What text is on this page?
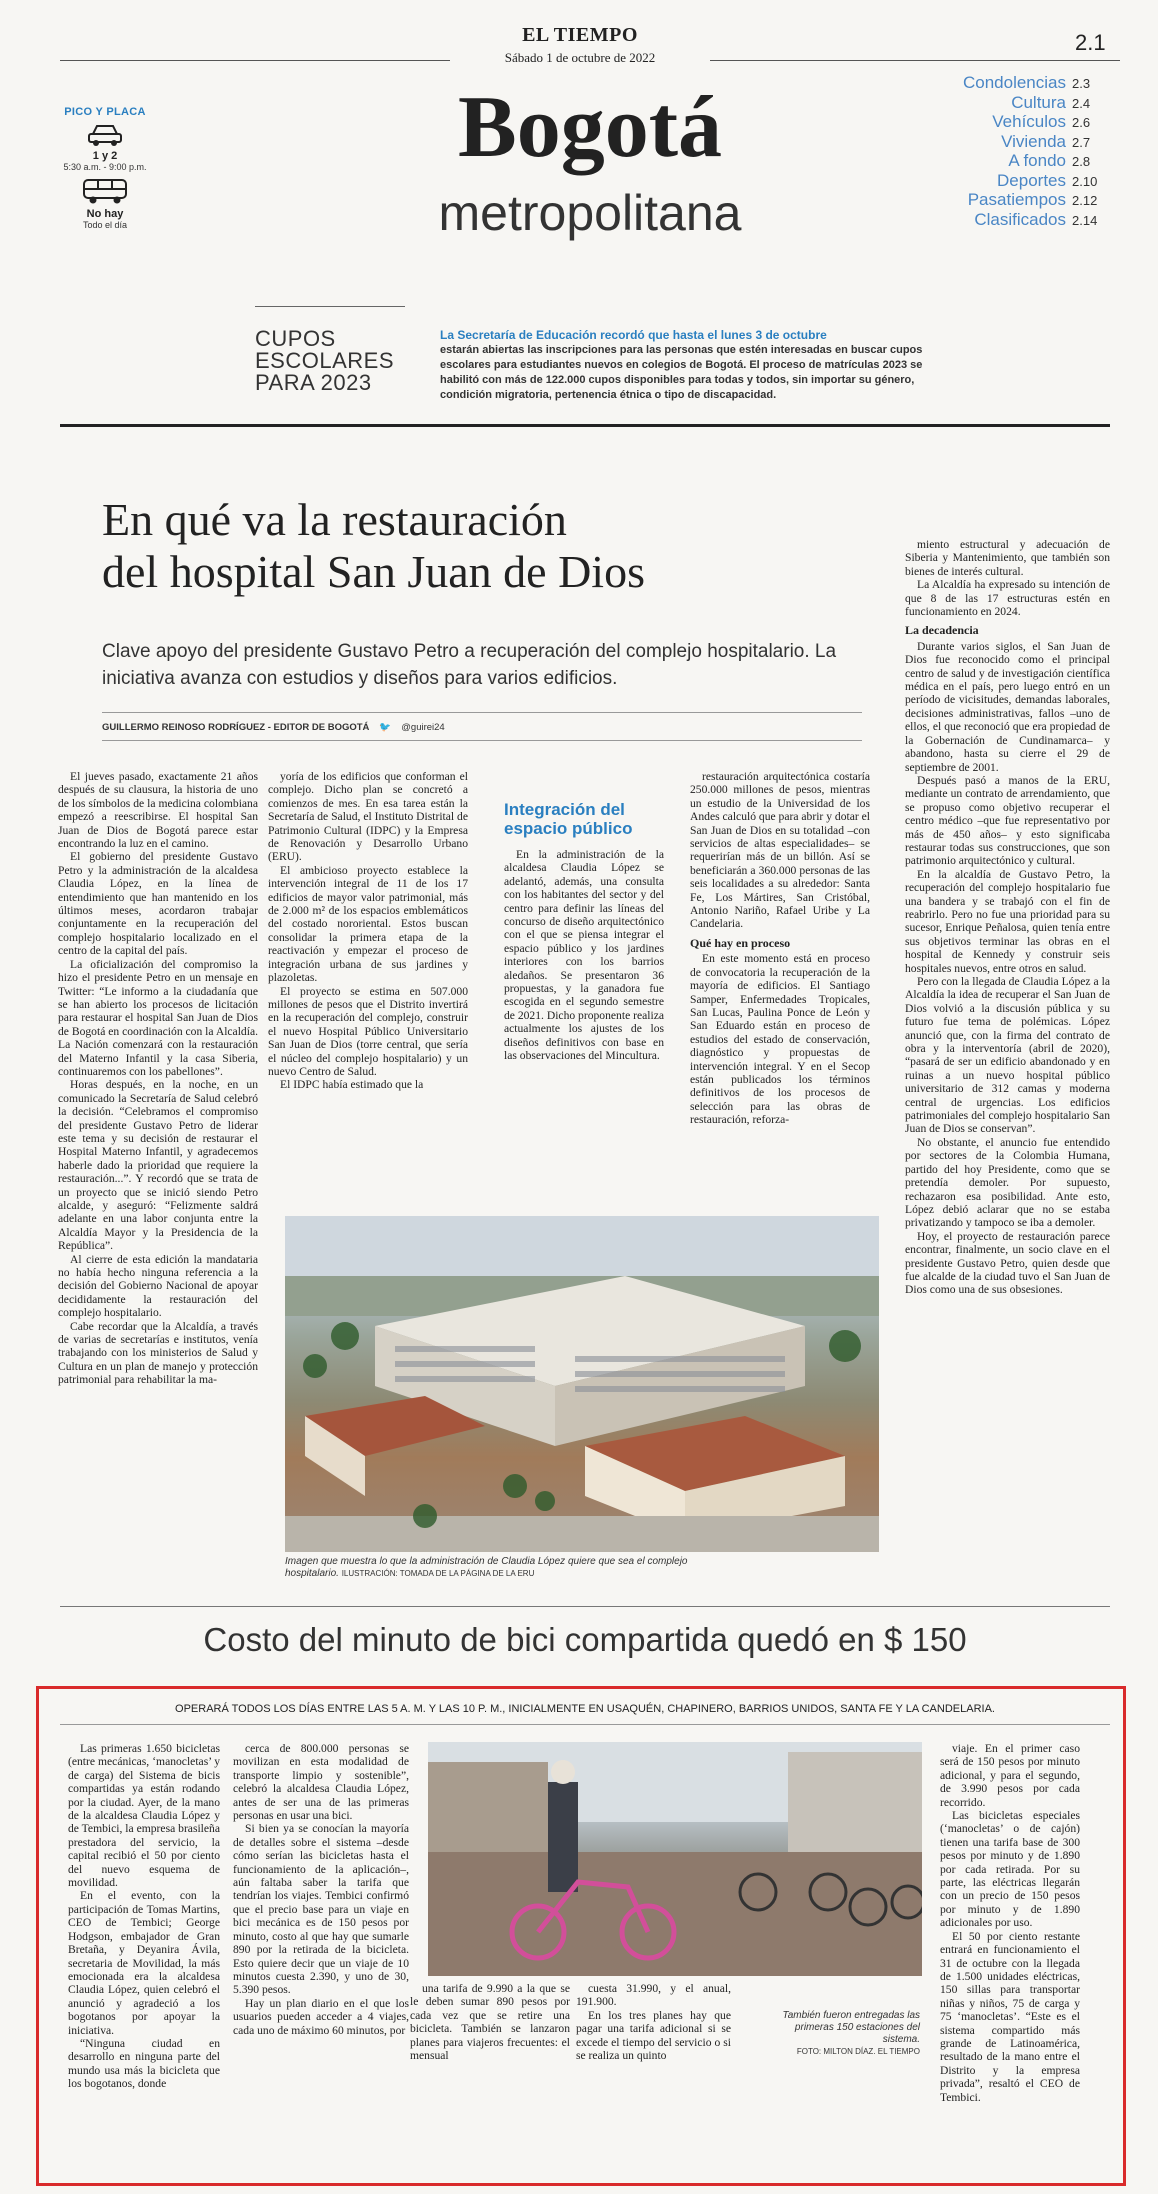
EL TIEMPO
Sábado 1 de octubre de 2022
2.1
Bogotá
metropolitana
PICO Y PLACA
1 y 2
5:30 a.m. - 9:00 p.m.
No hay
Todo el día
Condolencias 2.3
Cultura 2.4
Vehículos 2.6
Vivienda 2.7
A fondo 2.8
Deportes 2.10
Pasatiempos 2.12
Clasificados 2.14
CUPOS
ESCOLARES
PARA 2023
La Secretaría de Educación recordó que hasta el lunes 3 de octubre
estarán abiertas las inscripciones para las personas que estén interesadas en buscar cupos escolares para estudiantes nuevos en colegios de Bogotá. El proceso de matrículas 2023 se habilitó con más de 122.000 cupos disponibles para todas y todos, sin importar su género, condición migratoria, pertenencia étnica o tipo de discapacidad.
En qué va la restauración
del hospital San Juan de Dios
Clave apoyo del presidente Gustavo Petro a recuperación del complejo hospitalario. La iniciativa avanza con estudios y diseños para varios edificios.
GUILLERMO REINOSO RODRÍGUEZ - EDITOR DE BOGOTÁ 🐦 @guirei24

El jueves pasado, exactamente 21 años después de su clausura, la historia de uno de los símbolos de la medicina colombiana empezó a reescribirse. El hospital San Juan de Dios de Bogotá parece estar encontrando la luz en el camino.

El gobierno del presidente Gustavo Petro y la administración de la alcaldesa Claudia López, en la línea de entendimiento que han mantenido en los últimos meses, acordaron trabajar conjuntamente en la recuperación del complejo hospitalario localizado en el centro de la capital del país.

La oficialización del compromiso la hizo el presidente Petro en un mensaje en Twitter: “Le informo a la ciudadanía que se han abierto los procesos de licitación para restaurar el hospital San Juan de Dios de Bogotá en coordinación con la Alcaldía. La Nación comenzará con la restauración del Materno Infantil y la casa Siberia, continuaremos con los pabellones”.

Horas después, en la noche, en un comunicado la Secretaría de Salud celebró la decisión. “Celebramos el compromiso del presidente Gustavo Petro de liderar este tema y su decisión de restaurar el Hospital Materno Infantil, y agradecemos haberle dado la prioridad que requiere la restauración...”. Y recordó que se trata de un proyecto que se inició siendo Petro alcalde, y aseguró: “Felizmente saldrá adelante en una labor conjunta entre la Alcaldía Mayor y la Presidencia de la República”.

Al cierre de esta edición la mandataria no había hecho ninguna referencia a la decisión del Gobierno Nacional de apoyar decididamente la restauración del complejo hospitalario.

Cabe recordar que la Alcaldía, a través de varias de secretarías e institutos, venía trabajando con los ministerios de Salud y Cultura en un plan de manejo y protección patrimonial para rehabilitar la ma-

yoría de los edificios que conforman el complejo. Dicho plan se concretó a comienzos de mes. En esa tarea están la Secretaría de Salud, el Instituto Distrital de Patrimonio Cultural (IDPC) y la Empresa de Renovación y Desarrollo Urbano (ERU).

El ambicioso proyecto establece la intervención integral de 11 de los 17 edificios de mayor valor patrimonial, más de 2.000 m² de los espacios emblemáticos del costado nororiental. Estos buscan consolidar la primera etapa de la reactivación y empezar el proceso de integración urbana de sus jardines y plazoletas.

El proyecto se estima en 507.000 millones de pesos que el Distrito invertirá en la recuperación del complejo, construir el nuevo Hospital Público Universitario San Juan de Dios (torre central, que sería el núcleo del complejo hospitalario) y un nuevo Centro de Salud.

El IDPC había estimado que la

Integración del
espacio público

En la administración de la alcaldesa Claudia López se adelantó, además, una consulta con los habitantes del sector y del centro para definir las líneas del concurso de diseño arquitectónico con el que se piensa integrar el espacio público y los jardines interiores con los barrios aledaños. Se presentaron 36 propuestas, y la ganadora fue escogida en el segundo semestre de 2021. Dicho proponente realiza actualmente los ajustes de los diseños definitivos con base en las observaciones del Mincultura.

restauración arquitectónica costaría 250.000 millones de pesos, mientras un estudio de la Universidad de los Andes calculó que para abrir y dotar el San Juan de Dios en su totalidad –con servicios de altas especialidades– se requerirían más de un billón. Así se beneficiarán a 360.000 personas de las seis localidades a su alrededor: Santa Fe, Los Mártires, San Cristóbal, Antonio Nariño, Rafael Uribe y La Candelaria.

Qué hay en proceso

En este momento está en proceso de convocatoria la recuperación de la mayoría de edificios. El Santiago Samper, Enfermedades Tropicales, San Lucas, Paulina Ponce de León y San Eduardo están en proceso de estudios del estado de conservación, diagnóstico y propuestas de intervención integral. Y en el Secop están publicados los términos definitivos de los procesos de selección para las obras de restauración, reforza-

miento estructural y adecuación de Siberia y Mantenimiento, que también son bienes de interés cultural.

La Alcaldía ha expresado su intención de que 8 de las 17 estructuras estén en funcionamiento en 2024.

La decadencia

Durante varios siglos, el San Juan de Dios fue reconocido como el principal centro de salud y de investigación científica médica en el país, pero luego entró en un período de vicisitudes, demandas laborales, decisiones administrativas, fallos –uno de ellos, el que reconoció que era propiedad de la Gobernación de Cundinamarca– y abandono, hasta su cierre el 29 de septiembre de 2001.

Después pasó a manos de la ERU, mediante un contrato de arrendamiento, que se propuso como objetivo recuperar el centro médico –que fue representativo por más de 450 años– y esto significaba restaurar todas sus construcciones, que son patrimonio arquitectónico y cultural.

En la alcaldía de Gustavo Petro, la recuperación del complejo hospitalario fue una bandera y se trabajó con el fin de reabrirlo. Pero no fue una prioridad para su sucesor, Enrique Peñalosa, quien tenía entre sus objetivos terminar las obras en el hospital de Kennedy y construir seis hospitales nuevos, entre otros en salud.

Pero con la llegada de Claudia López a la Alcaldía la idea de recuperar el San Juan de Dios volvió a la discusión pública y su futuro fue tema de polémicas. López anunció que, con la firma del contrato de obra y la interventoría (abril de 2020), “pasará de ser un edificio abandonado y en ruinas a un nuevo hospital público universitario de 312 camas y moderna central de urgencias. Los edificios patrimoniales del complejo hospitalario San Juan de Dios se conservan”.

No obstante, el anuncio fue entendido por sectores de la Colombia Humana, partido del hoy Presidente, como que se pretendía demoler. Por supuesto, rechazaron esa posibilidad. Ante esto, López debió aclarar que no se estaba privatizando y tampoco se iba a demoler.

Hoy, el proyecto de restauración parece encontrar, finalmente, un socio clave en el presidente Gustavo Petro, quien desde que fue alcalde de la ciudad tuvo el San Juan de Dios como una de sus obsesiones.

Imagen que muestra lo que la administración de Claudia López quiere que sea el complejo hospitalario. ILUSTRACIÓN: TOMADA DE LA PÁGINA DE LA ERU
Costo del minuto de bici compartida quedó en $ 150
OPERARÁ TODOS LOS DÍAS ENTRE LAS 5 A. M. Y LAS 10 P. M., INICIALMENTE EN USAQUÉN, CHAPINERO, BARRIOS UNIDOS, SANTA FE Y LA CANDELARIA.

Las primeras 1.650 bicicletas (entre mecánicas, ‘manocletas’ y de carga) del Sistema de bicis compartidas ya están rodando por la ciudad. Ayer, de la mano de la alcaldesa Claudia López y de Tembici, la empresa brasileña prestadora del servicio, la capital recibió el 50 por ciento del nuevo esquema de movilidad.

En el evento, con la participación de Tomas Martins, CEO de Tembici; George Hodgson, embajador de Gran Bretaña, y Deyanira Ávila, secretaria de Movilidad, la más emocionada era la alcaldesa Claudia López, quien celebró el anunció y agradeció a los bogotanos por apoyar la iniciativa.

“Ninguna ciudad en desarrollo en ninguna parte del mundo usa más la bicicleta que los bogotanos, donde

cerca de 800.000 personas se movilizan en esta modalidad de transporte limpio y sostenible”, celebró la alcaldesa Claudia López, antes de ser una de las primeras personas en usar una bici.

Si bien ya se conocían la mayoría de detalles sobre el sistema –desde cómo serían las bicicletas hasta el funcionamiento de la aplicación–, aún faltaba saber la tarifa que tendrían los viajes. Tembici confirmó que el precio base para un viaje en bici mecánica es de 150 pesos por minuto, costo al que hay que sumarle 890 por la retirada de la bicicleta. Esto quiere decir que un viaje de 10 minutos cuesta 2.390, y uno de 30, 5.390 pesos.

Hay un plan diario en el que los usuarios pueden acceder a 4 viajes, cada uno de máximo 60 minutos, por

una tarifa de 9.990 a la que se le deben sumar 890 pesos por cada vez que se retire una bicicleta. También se lanzaron planes para viajeros frecuentes: el mensual

cuesta 31.990, y el anual, 191.900.

En los tres planes hay que pagar una tarifa adicional si se excede el tiempo del servicio o si se realiza un quinto

También fueron entregadas las primeras 150 estaciones del sistema.
FOTO: MILTON DÍAZ. EL TIEMPO

viaje. En el primer caso será de 150 pesos por minuto adicional, y para el segundo, de 3.990 pesos por cada recorrido.

Las bicicletas especiales (‘manocletas’ o de cajón) tienen una tarifa base de 300 pesos por minuto y de 1.890 por cada retirada. Por su parte, las eléctricas llegarán con un precio de 150 pesos por minuto y de 1.890 adicionales por uso.

El 50 por ciento restante entrará en funcionamiento el 31 de octubre con la llegada de 1.500 unidades eléctricas, 150 sillas para transportar niñas y niños, 75 de carga y 75 ‘manocletas’. “Este es el sistema compartido más grande de Latinoamérica, resultado de la mano entre el Distrito y la empresa privada”, resaltó el CEO de Tembici.
